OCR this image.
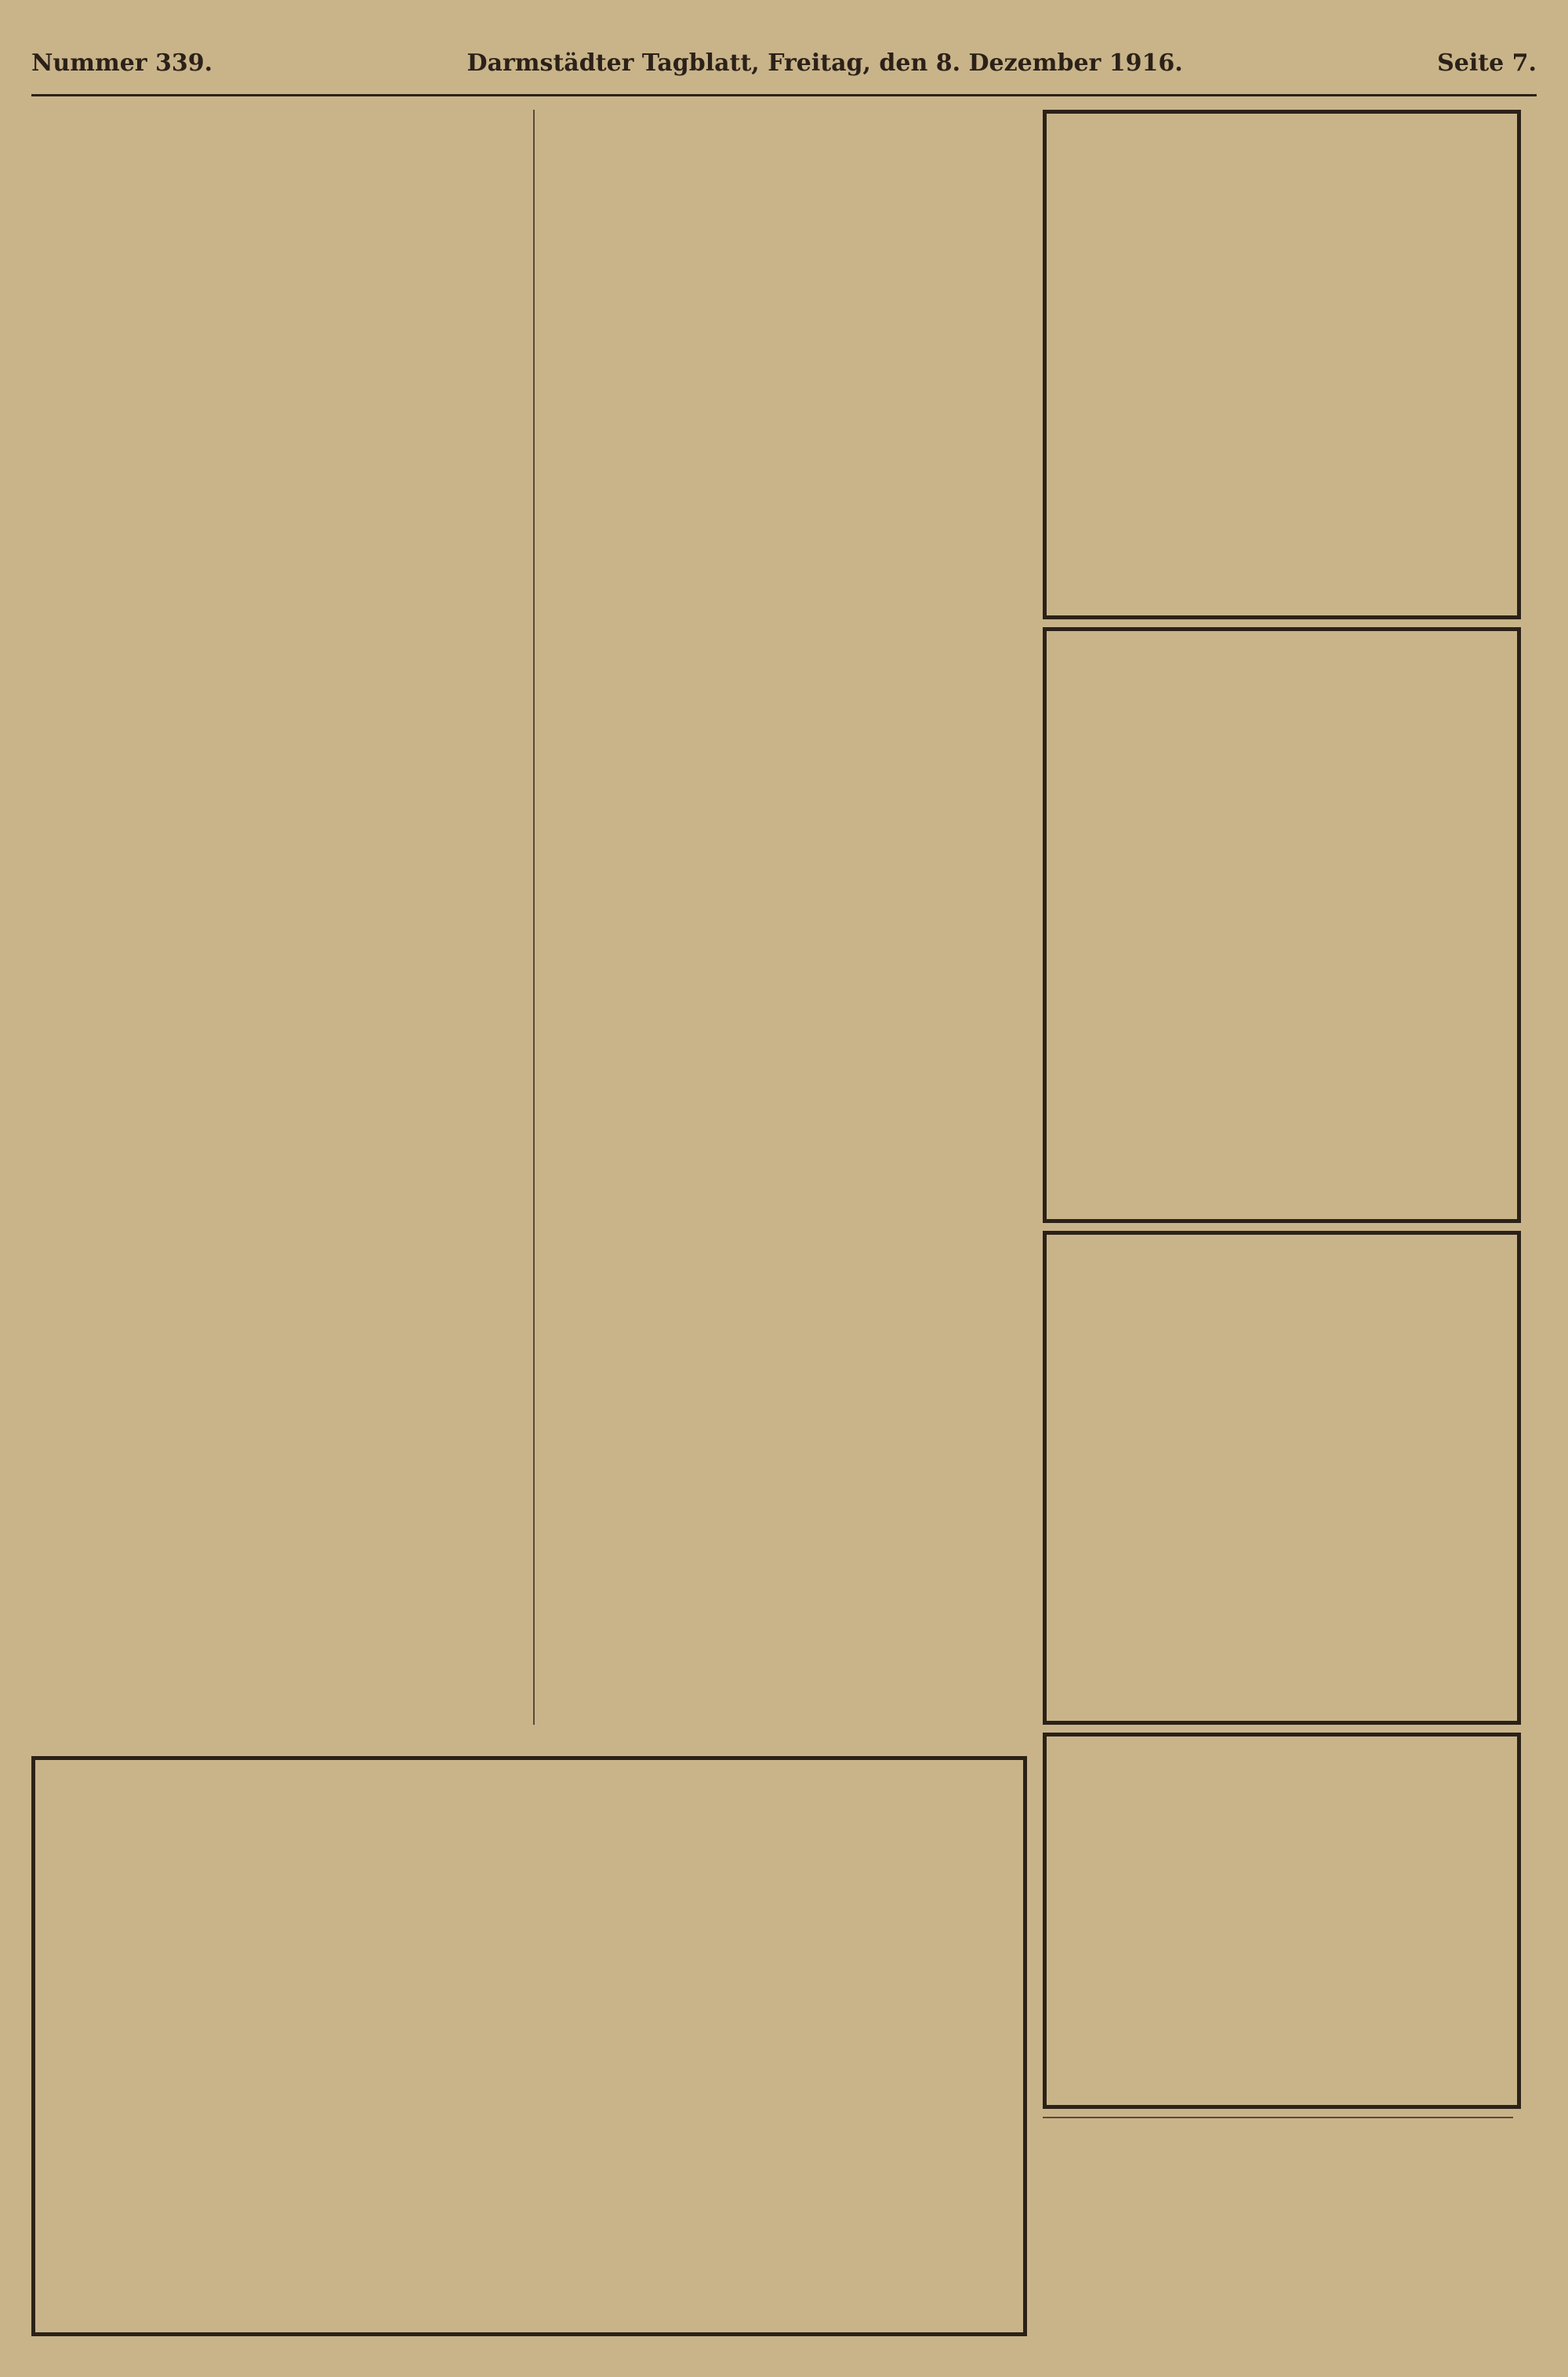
Nummer 339.	Darmstädter Tagblatt, Freitag, den 8. Dezember 1916.	Seite 7.
